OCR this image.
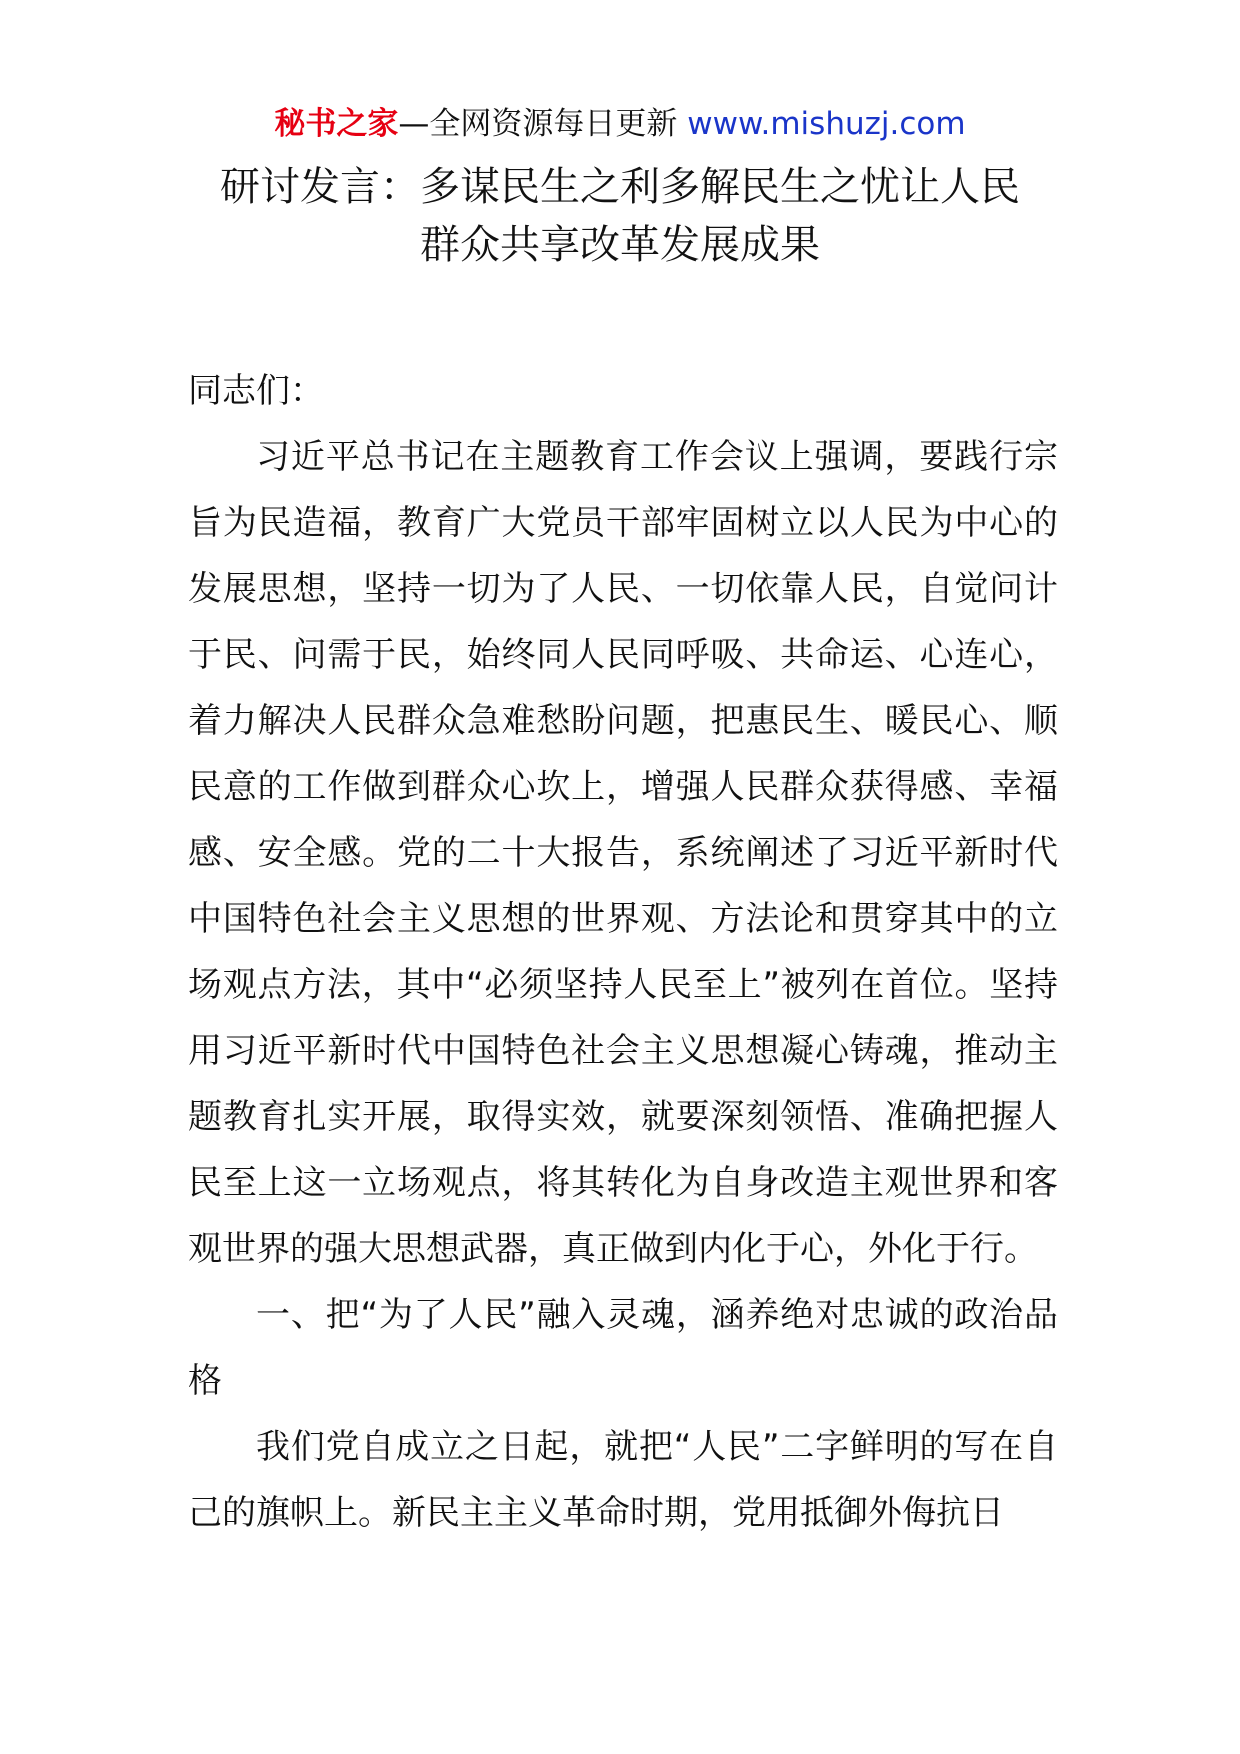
秘书之家—全网资源每日更新 www.mishuzj.com
研讨发言：多谋民生之利多解民生之忧让人民
群众共享改革发展成果

同志们：

习近平总书记在主题教育工作会议上强调，要践行宗旨为民造福，教育广大党员干部牢固树立以人民为中心的发展思想，坚持一切为了人民、一切依靠人民，自觉问计于民、问需于民，始终同人民同呼吸、共命运、心连心，着力解决人民群众急难愁盼问题，把惠民生、暖民心、顺民意的工作做到群众心坎上，增强人民群众获得感、幸福感、安全感。党的二十大报告，系统阐述了习近平新时代中国特色社会主义思想的世界观、方法论和贯穿其中的立场观点方法，其中“必须坚持人民至上”被列在首位。坚持用习近平新时代中国特色社会主义思想凝心铸魂，推动主题教育扎实开展，取得实效，就要深刻领悟、准确把握人民至上这一立场观点，将其转化为自身改造主观世界和客观世界的强大思想武器，真正做到内化于心，外化于行。

一、把“为了人民”融入灵魂，涵养绝对忠诚的政治品格

我们党自成立之日起，就把“人民”二字鲜明的写在自己的旗帜上。新民主主义革命时期，党用抵御外侮抗日
